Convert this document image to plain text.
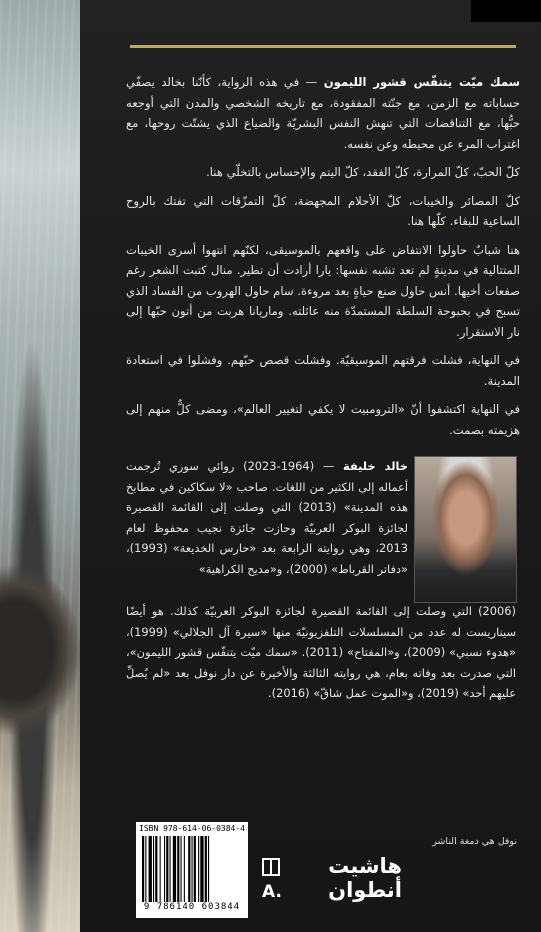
سمك ميّت يتنفّس قشور الليمون — في هذه الرواية، كأنّنا بخالد يصفّي حساباته مع الزمن، مع جنّته المفقودة، مع تاريخه الشخصي والمدن التي أوجعه حبُّها، مع التناقضات التي تنهش النفس البشريّة والضياع الذي يشتّت روحها، مع اغتراب المرء عن محيطه وعن نفسه.

كلّ الحبّ، كلّ المرارة، كلّ الفقد، كلّ اليتم والإحساس بالتخلّي هنا.

كلّ المصائر والخيبات، كلّ الأحلام المجهضة، كلّ التمزّقات التي تفتك بالروح الساعية للبقاء. كلّها هنا.

هنا شبابٌ حاولوا الانتفاض على واقعهم بالموسيقى، لكنّهم انتهوا أسرى الخيبات المتتالية في مدينةٍ لم تعد تشبه نفسها: يارا أرادت أن تطير. منال كتبت الشعر رغم صفعات أخيها. أنس حاول صنع حياةٍ بعد مروءة. سام حاول الهروب من الفساد الذي تسبح في بحبوحة السلطة المستمدّة منه عائلته. وماريانا هربت من أتون حبّها إلى نار الاستقرار.

في النهاية، فشلت فرقتهم الموسيقيّة. وفشلت قصص حبّهم. وفشلوا في استعادة المدينة.

في النهاية اكتشفوا أنّ «الترومبيت لا يكفي لتغيير العالم»، ومضى كلٌّ منهم إلى هزيمته بصمت.

خالد خليفة — (1964-2023) روائي سوري تُرجمت أعماله إلى الكثير من اللغات. صاحب «لا سكاكين في مطابخ هذه المدينة» (2013) التي وصلت إلى القائمة القصيرة لجائزة البوكر العربيّة وحازت جائزة نجيب محفوظ لعام 2013، وهي روايته الرابعة بعد «حارس الخديعة» (1993)، «دفاتر القرباط» (2000)، و«مديح الكراهية»
(2006) التي وصلت إلى القائمة القصيرة لجائزة البوكر العربيّة كذلك. هو أيضًا سيناريست له عدد من المسلسلات التلفزيونيّة منها «سيرة آل الجلالي» (1999)، «هدوء نسبي» (2009)، و«المفتاح» (2011). «سمك ميّت يتنفّس قشور الليمون»، التي صدرت بعد وفاته بعام، هي روايته الثالثة والأخيرة عن دار نوفل بعد «لم يُصلِّ عليهم أحد» (2019)، و«الموت عمل شاقّ» (2016).
ISBN 978-614-06-0384-4
9 786140 603844
نوفل هي دمغة الناشر
هاشيت
أنطوان
A.
